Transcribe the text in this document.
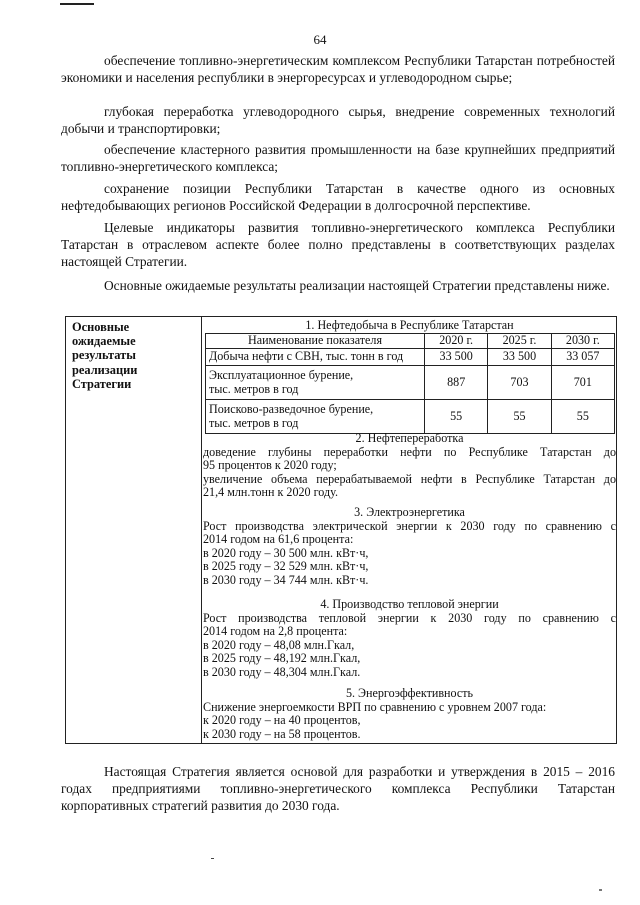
64
обеспечение топливно-энергетическим комплексом Республики Татарстан потребностей экономики и населения республики в энергоресурсах и углеводородном сырье;
глубокая переработка углеводородного сырья, внедрение современных технологий добычи и транспортировки;
обеспечение кластерного развития промышленности на базе крупнейших предприятий топливно-энергетического комплекса;
сохранение позиции Республики Татарстан в качестве одного из основных нефтедобывающих регионов Российской Федерации в долгосрочной перспективе.
Целевые индикаторы развития топливно-энергетического комплекса Республики Татарстан в отраслевом аспекте более полно представлены в соответствующих разделах настоящей Стратегии.
Основные ожидаемые результаты реализации настоящей Стратегии представлены ниже.
Основные ожидаемые результаты реализации Стратегии
1. Нефтедобыча в Республике Татарстан
Наименование показателя	2020 г.	2025 г.	2030 г.
Добыча нефти с СВН, тыс. тонн в год	33 500	33 500	33 057
Эксплуатационное бурение,
тыс. метров в год	887	703	701
Поисково-разведочное бурение,
тыс. метров в год	55	55	55
2. Нефтепереработка
доведение глубины переработки нефти по Республике Татарстан до
95 процентов к 2020 году;
увеличение объема перерабатываемой нефти в Республике Татарстан до
21,4 млн.тонн к 2020 году.
3. Электроэнергетика
Рост производства электрической энергии к 2030 году по сравнению с
2014 годом на 61,6 процента:
в 2020 году – 30 500 млн. кВт·ч,
в 2025 году – 32 529 млн. кВт·ч,
в 2030 году – 34 744 млн. кВт·ч.
4. Производство тепловой энергии
Рост производства тепловой энергии к 2030 году по сравнению с
2014 годом на 2,8 процента:
в 2020 году – 48,08 млн.Гкал,
в 2025 году – 48,192 млн.Гкал,
в 2030 году – 48,304 млн.Гкал.
5. Энергоэффективность
Снижение энергоемкости ВРП по сравнению с уровнем 2007 года:
к 2020 году – на 40 процентов,
к 2030 году – на 58 процентов.
Настоящая Стратегия является основой для разработки и утверждения в 2015 – 2016 годах предприятиями топливно-энергетического комплекса Республики Татарстан корпоративных стратегий развития до 2030 года.
